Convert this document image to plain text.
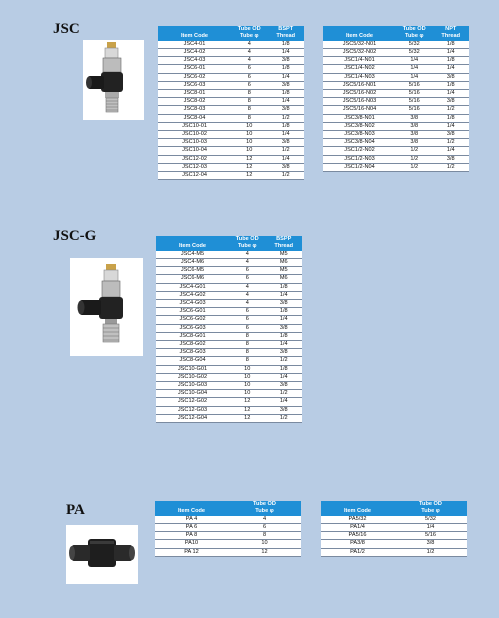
JSC
		Tube OD	BSPT
Item Code	Tube φ	Thread
JSC4-01	4	1/8
JSC4-02	4	1/4
JSC4-03	4	3/8
JSC6-01	6	1/8
JSC6-02	6	1/4
JSC6-03	6	3/8
JSC8-01	8	1/8
JSC8-02	8	1/4
JSC8-03	8	3/8
JSC8-04	8	1/2
JSC10-01	10	1/8
JSC10-02	10	1/4
JSC10-03	10	3/8
JSC10-04	10	1/2
JSC12-02	12	1/4
JSC12-03	12	3/8
JSC12-04	12	1/2
	Tube OD	NPT
Item Code	Tube φ	Thread
JSC5/32-N01	5/32	1/8
JSC5/32-N02	5/32	1/4
JSC1/4-N01	1/4	1/8
JSC1/4-N02	1/4	1/4
JSC1/4-N03	1/4	3/8
JSC5/16-N01	5/16	1/8
JSC5/16-N02	5/16	1/4
JSC5/16-N03	5/16	3/8
JSC5/16-N04	5/16	1/2
JSC3/8-N01	3/8	1/8
JSC3/8-N02	3/8	1/4
JSC3/8-N03	3/8	3/8
JSC3/8-N04	3/8	1/2
JSC1/2-N02	1/2	1/4
JSC1/2-N03	1/2	3/8
JSC1/2-N04	1/2	1/2
JSC-G
		Tube OD	BSPP
Item Code	Tube φ	Thread
JSC4-M5	4	M5
JSC4-M6	4	M6
JSC6-M5	6	M5
JSC6-M6	6	M6
JSC4-G01	4	1/8
JSC4-G02	4	1/4
JSC4-G03	4	3/8
JSC6-G01	6	1/8
JSC6-G02	6	1/4
JSC6-G03	6	3/8
JSC8-G01	8	1/8
JSC8-G02	8	1/4
JSC8-G03	8	3/8
JSC8-G04	8	1/2
JSC10-G01	10	1/8
JSC10-G02	10	1/4
JSC10-G03	10	3/8
JSC10-G04	10	1/2
JSC12-G02	12	1/4
JSC12-G03	12	3/8
JSC12-G04	12	1/2
PA
		Tube OD
Item Code	Tube φ
PA 4	4
PA 6	6
PA 8	8
PA10	10
PA 12	12
	Tube OD
Item Code	Tube φ
PA5/32	5/32
PA1/4	1/4
PA5/16	5/16
PA3/8	3/8
PA1/2	1/2
